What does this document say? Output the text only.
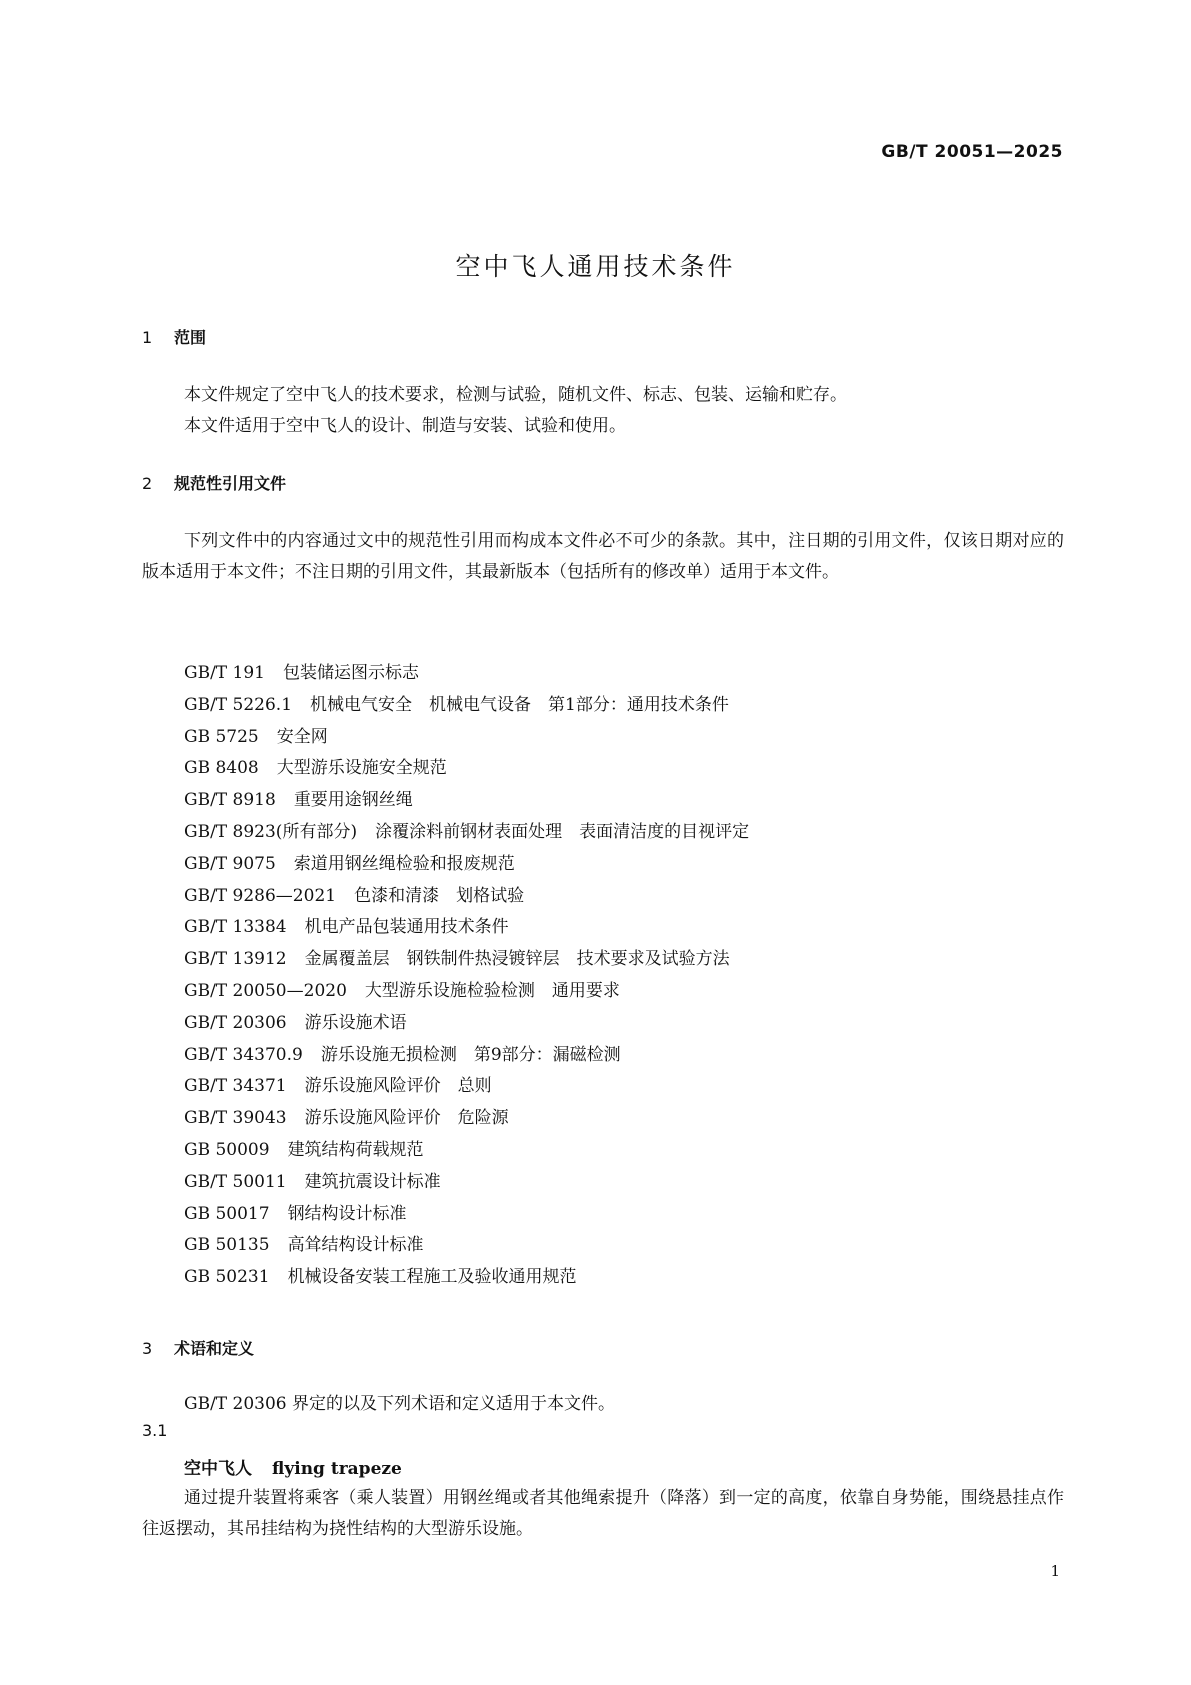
GB/T 20051—2025
空中飞人通用技术条件
1 范围
本文件规定了空中飞人的技术要求，检测与试验，随机文件、标志、包装、运输和贮存。
本文件适用于空中飞人的设计、制造与安装、试验和使用。
2 规范性引用文件

下列文件中的内容通过文中的规范性引用而构成本文件必不可少的条款。其中，注日期的引用文件，仅该日期对应的版本适用于本文件；不注日期的引用文件，其最新版本（包括所有的修改单）适用于本文件。

GB/T 191 包装储运图示标志
GB/T 5226.1 机械电气安全　机械电气设备　第1部分：通用技术条件
GB 5725 安全网
GB 8408 大型游乐设施安全规范
GB/T 8918 重要用途钢丝绳
GB/T 8923(所有部分) 涂覆涂料前钢材表面处理　表面清洁度的目视评定
GB/T 9075 索道用钢丝绳检验和报废规范
GB/T 9286—2021 色漆和清漆　划格试验
GB/T 13384 机电产品包装通用技术条件
GB/T 13912 金属覆盖层　钢铁制件热浸镀锌层　技术要求及试验方法
GB/T 20050—2020 大型游乐设施检验检测　通用要求
GB/T 20306 游乐设施术语
GB/T 34370.9 游乐设施无损检测　第9部分：漏磁检测
GB/T 34371 游乐设施风险评价　总则
GB/T 39043 游乐设施风险评价　危险源
GB 50009 建筑结构荷载规范
GB/T 50011 建筑抗震设计标准
GB 50017 钢结构设计标准
GB 50135 高耸结构设计标准
GB 50231 机械设备安装工程施工及验收通用规范
3 术语和定义
GB/T 20306 界定的以及下列术语和定义适用于本文件。
3.1
空中飞人 flying trapeze

通过提升装置将乘客（乘人装置）用钢丝绳或者其他绳索提升（降落）到一定的高度，依靠自身势能，围绕悬挂点作往返摆动，其吊挂结构为挠性结构的大型游乐设施。

1
